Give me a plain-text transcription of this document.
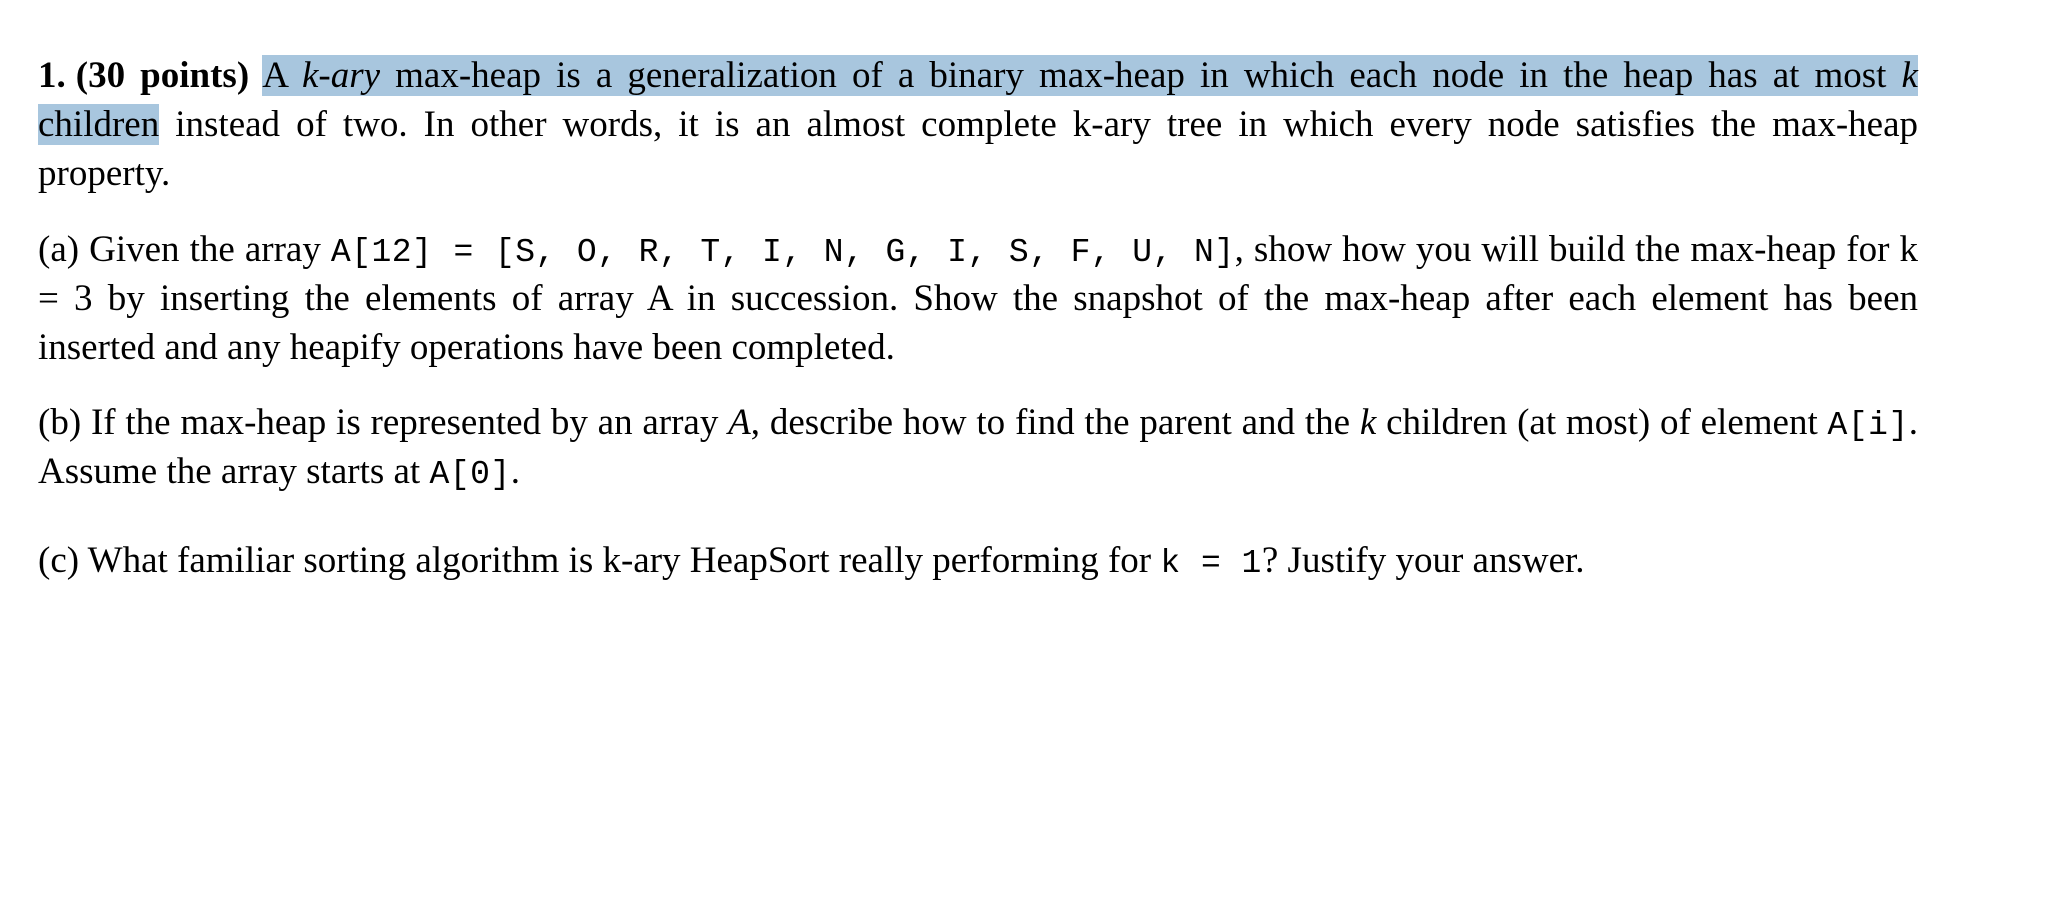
1. (30 points) A k-ary max-heap is a generalization of a binary max-heap in which each node in the heap has at most k children instead of two. In other words, it is an almost complete k-ary tree in which every node satisfies the max-heap property.

(a) Given the array A[12] = [S, O, R, T, I, N, G, I, S, F, U, N], show how you will build the max-heap for k = 3 by inserting the elements of array A in succession. Show the snapshot of the max-heap after each element has been inserted and any heapify operations have been completed.

(b) If the max-heap is represented by an array A, describe how to find the parent and the k children (at most) of element A[i]. Assume the array starts at A[0].

(c) What familiar sorting algorithm is k-ary HeapSort really performing for k = 1? Justify your answer.
